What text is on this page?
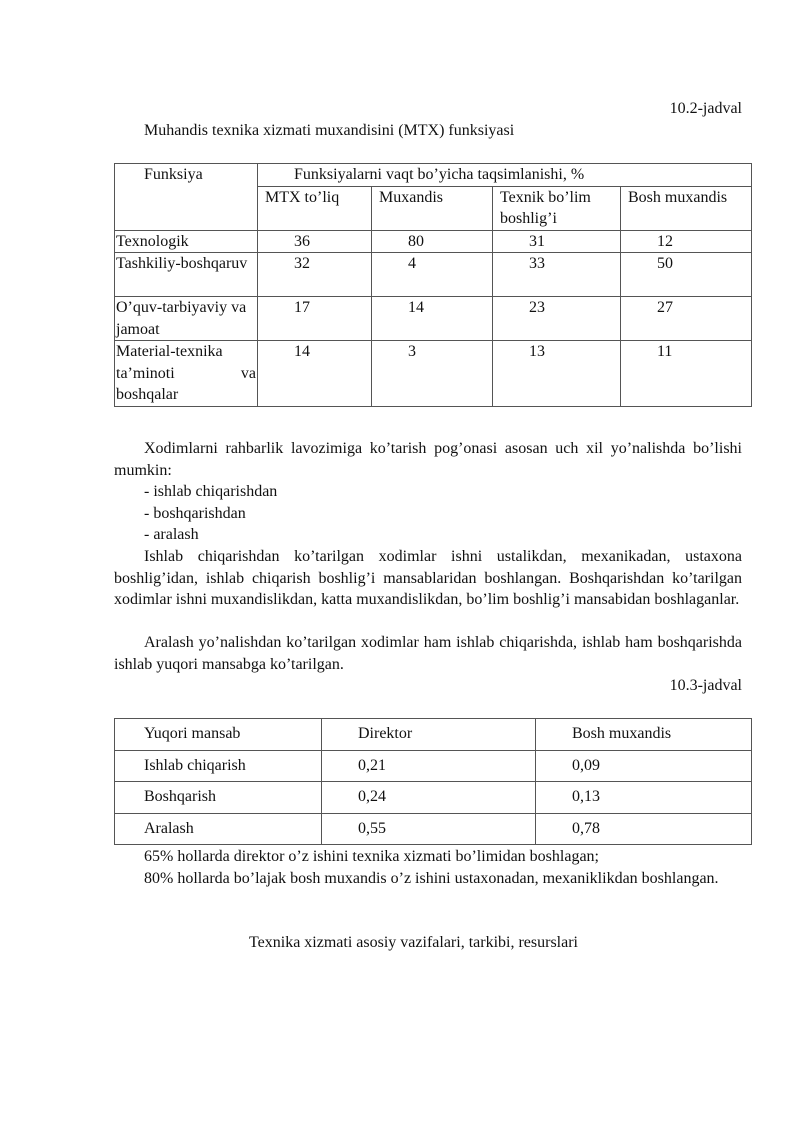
10.2-jadval
Muhandis texnika xizmati muxandisini (MTX) funksiyasi
Funksiya	Funksiyalarni vaqt bo’yicha taqsimlanishi, %			
	MTX to’liq	Muxandis	Texnik bo’lim boshlig’i	Bosh muxandis
Texnologik	36	80	31	12
Tashkiliy-boshqaruv	32	4	33	50
O’quv-tarbiyaviy va jamoat	17	14	23	27
Material-texnika ta’minoti va boshqalar	14	3	13	11
Xodimlarni rahbarlik lavozimiga ko’tarish pog’onasi asosan uch xil yo’nalishda bo’lishi mumkin:
- ishlab chiqarishdan
- boshqarishdan
- aralash
Ishlab chiqarishdan ko’tarilgan xodimlar ishni ustalikdan, mexanikadan, ustaxona boshlig’idan, ishlab chiqarish boshlig’i mansablaridan boshlangan. Boshqarishdan ko’tarilgan xodimlar ishni muxandislikdan, katta muxandislikdan, bo’lim boshlig’i mansabidan boshlaganlar.
Aralash yo’nalishdan ko’tarilgan xodimlar ham ishlab chiqarishda, ishlab ham boshqarishda ishlab yuqori mansabga ko’tarilgan.
10.3-jadval
Yuqori mansab	Direktor	Bosh muxandis
Ishlab chiqarish	0,21	0,09
Boshqarish	0,24	0,13
Aralash	0,55	0,78
65% hollarda direktor o’z ishini texnika xizmati bo’limidan boshlagan;
80% hollarda bo’lajak bosh muxandis o’z ishini ustaxonadan, mexaniklikdan boshlangan.
Texnika xizmati asosiy vazifalari, tarkibi, resurslari
